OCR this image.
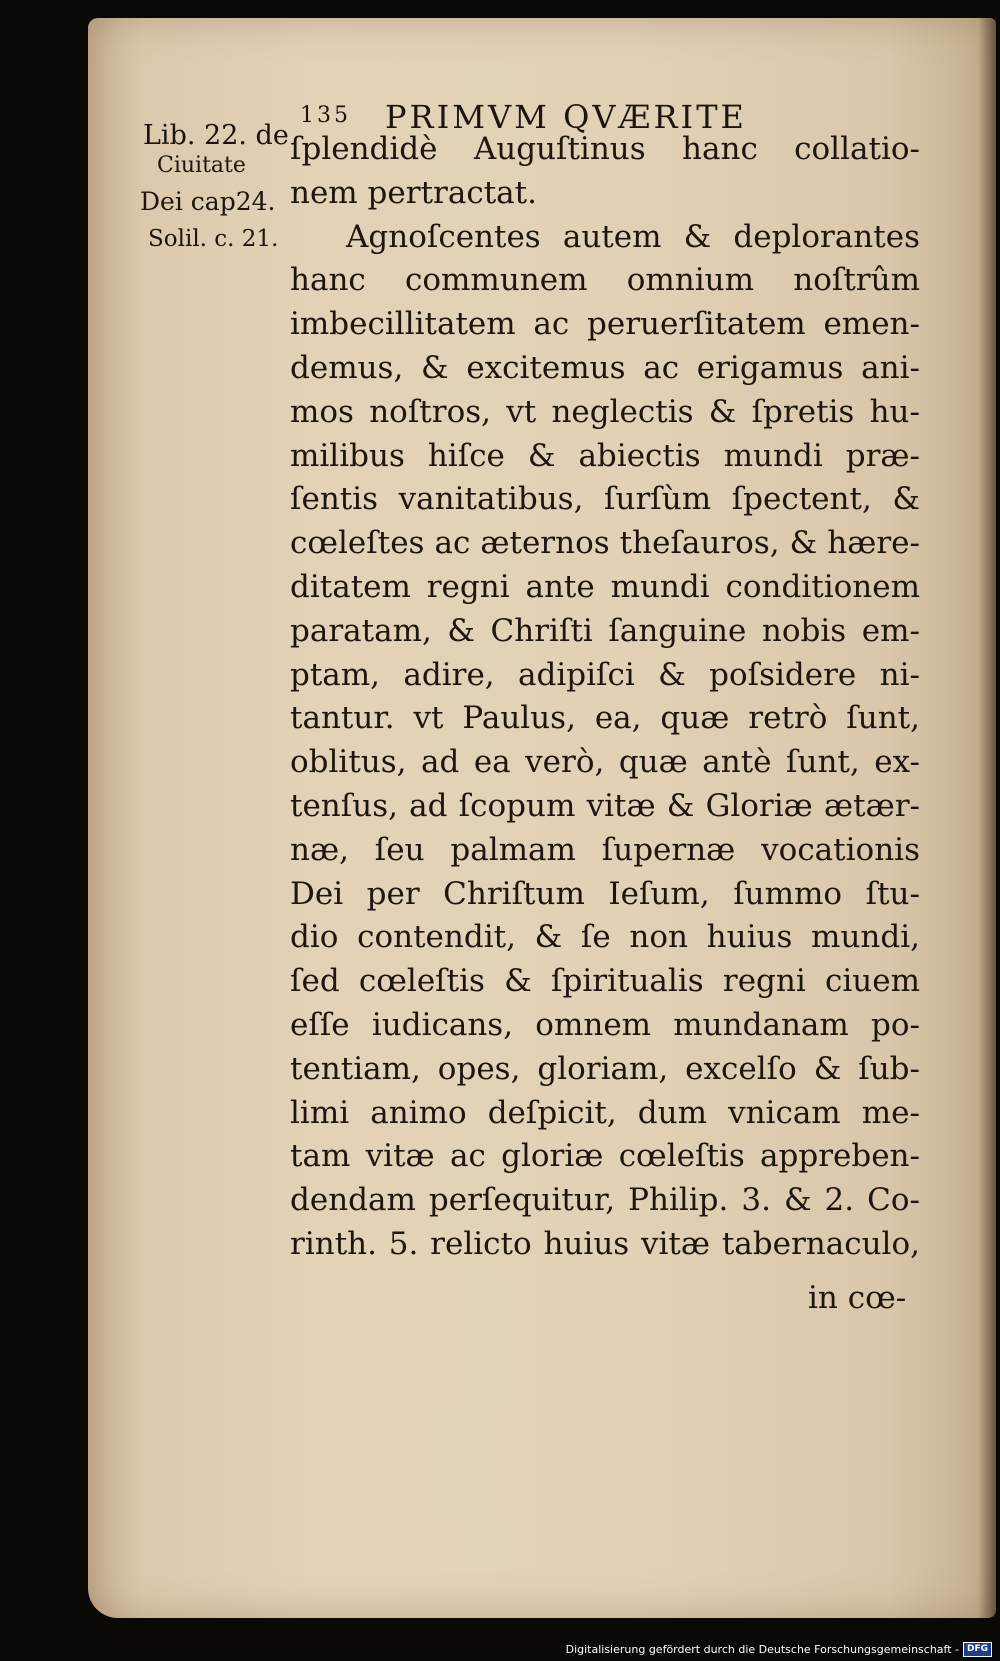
135 PRIMVM QVÆRITE
Lib. 22. de
Ciuitate
Dei cap24.
Solil. c. 21.
ſplendidè Auguſtinus hanc collatio-
nem pertractat.
Agnoſcentes autem & deplorantes
hanc communem omnium noſtrûm
imbecillitatem ac peruerſitatem emen-
demus, & excitemus ac erigamus ani-
mos noſtros, vt neglectis & ſpretis hu-
milibus hiſce & abiectis mundi præ-
ſentis vanitatibus, ſurſùm ſpectent, &
cœleſtes ac æternos theſauros, & hære-
ditatem regni ante mundi conditionem
paratam, & Chriſti ſanguine nobis em-
ptam, adire, adipiſci & poſsidere ni-
tantur. vt Paulus, ea, quæ retrò ſunt,
oblitus, ad ea verò, quæ antè ſunt, ex-
tenſus, ad ſcopum vitæ & Gloriæ ætær-
næ, ſeu palmam ſupernæ vocationis
Dei per Chriſtum Ieſum, ſummo ſtu-
dio contendit, & ſe non huius mundi,
ſed cœleſtis & ſpiritualis regni ciuem
eſſe iudicans, omnem mundanam po-
tentiam, opes, gloriam, excelſo & ſub-
limi animo deſpicit, dum vnicam me-
tam vitæ ac gloriæ cœleſtis appreben-
dendam perſequitur, Philip. 3. & 2. Co-
rinth. 5. relicto huius vitæ tabernaculo,
in cœ-
Digitalisierung gefördert durch die Deutsche Forschungsgemeinschaft - DFG
